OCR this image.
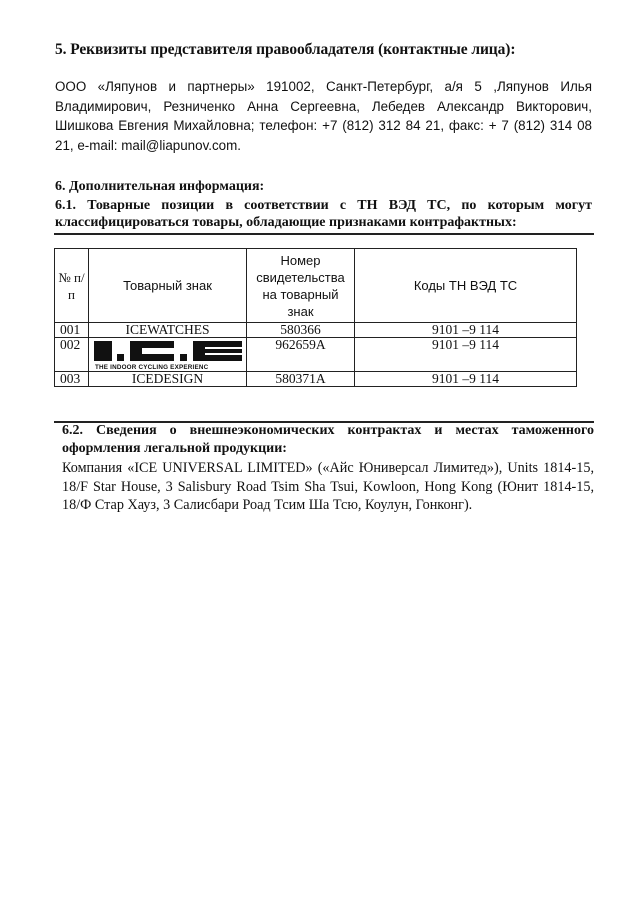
5. Реквизиты представителя правообладателя (контактные лица):
ООО «Ляпунов и партнеры» 191002, Санкт-Петербург, а/я 5 ,Ляпунов Илья Владимирович, Резниченко Анна Сергеевна, Лебедев Александр Викторович, Шишкова Евгения Михайловна; телефон: +7 (812) 312 84 21, факс: + 7 (812) 314 08 21, e-mail: mail@liapunov.com.
6. Дополнительная информация:
6.1. Товарные позиции в соответствии с ТН ВЭД ТС, по которым могут классифицироваться товары, обладающие признаками контрафактных:
№ п/п	Товарный знак	Номер свидетельства на товарный знак	Коды ТН ВЭД ТС
001	ICEWATCHES	580366	9101 –9 114
002	THE INDOOR CYCLING EXPERIENC	962659A	9101 –9 114
003	ICEDESIGN	580371A	9101 –9 114
6.2. Сведения о внешнеэкономических контрактах и местах таможенного оформления легальной продукции:
Компания «ICE UNIVERSAL LIMITED» («Айс Юниверсал Лимитед»), Units 1814-15, 18/F Star House, 3 Salisbury Road Tsim Sha Tsui, Kowloon, Hong Kong (Юнит 1814-15, 18/Ф Стар Хауз, 3 Салисбари Роад Тсим Ша Тсю, Коулун, Гонконг).
